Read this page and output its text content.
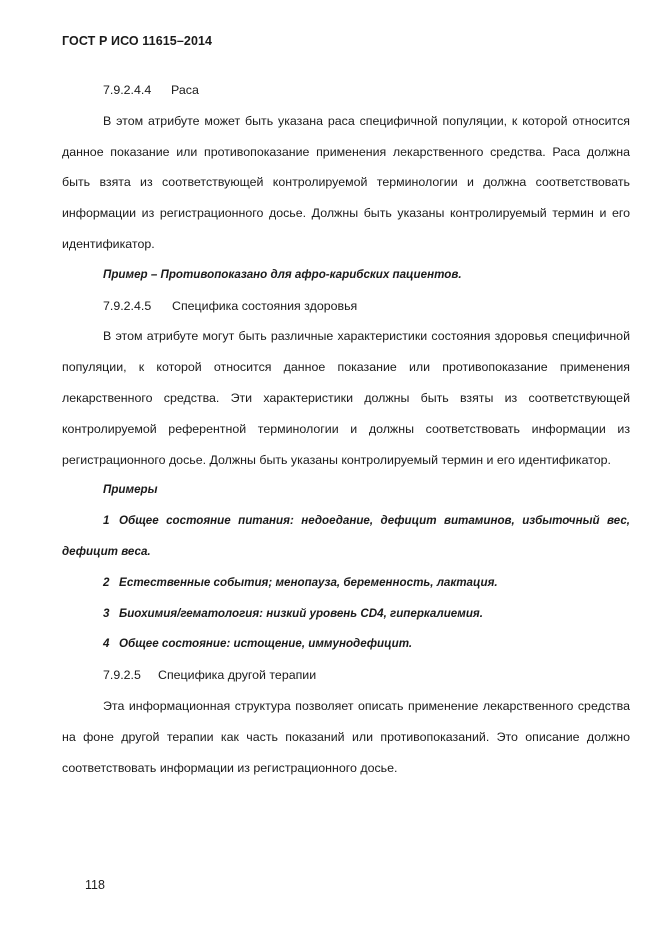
ГОСТ Р ИСО 11615–2014

7.9.2.4.4 Раса

В этом атрибуте может быть указана раса специфичной популяции, к которой относится данное показание или противопоказание применения лекарственного средства. Раса должна быть взята из соответствующей контролируемой терминологии и должна соответствовать информации из регистрационного досье. Должны быть указаны контролируемый термин и его идентификатор.

Пример – Противопоказано для афро-карибских пациентов.

7.9.2.4.5 Специфика состояния здоровья

В этом атрибуте могут быть различные характеристики состояния здоровья специфичной популяции, к которой относится данное показание или противопоказание применения лекарственного средства. Эти характеристики должны быть взяты из соответствующей контролируемой референтной терминологии и должны соответствовать информации из регистрационного досье. Должны быть указаны контролируемый термин и его идентификатор.

Примеры

1 Общее состояние питания: недоедание, дефицит витаминов, избыточный вес, дефицит веса.

2 Естественные события; менопауза, беременность, лактация.

3 Биохимия/гематология: низкий уровень CD4, гиперкалиемия.

4 Общее состояние: истощение, иммунодефицит.

7.9.2.5 Специфика другой терапии

Эта информационная структура позволяет описать применение лекарственного средства на фоне другой терапии как часть показаний или противопоказаний. Это описание должно соответствовать информации из регистрационного досье.

118
